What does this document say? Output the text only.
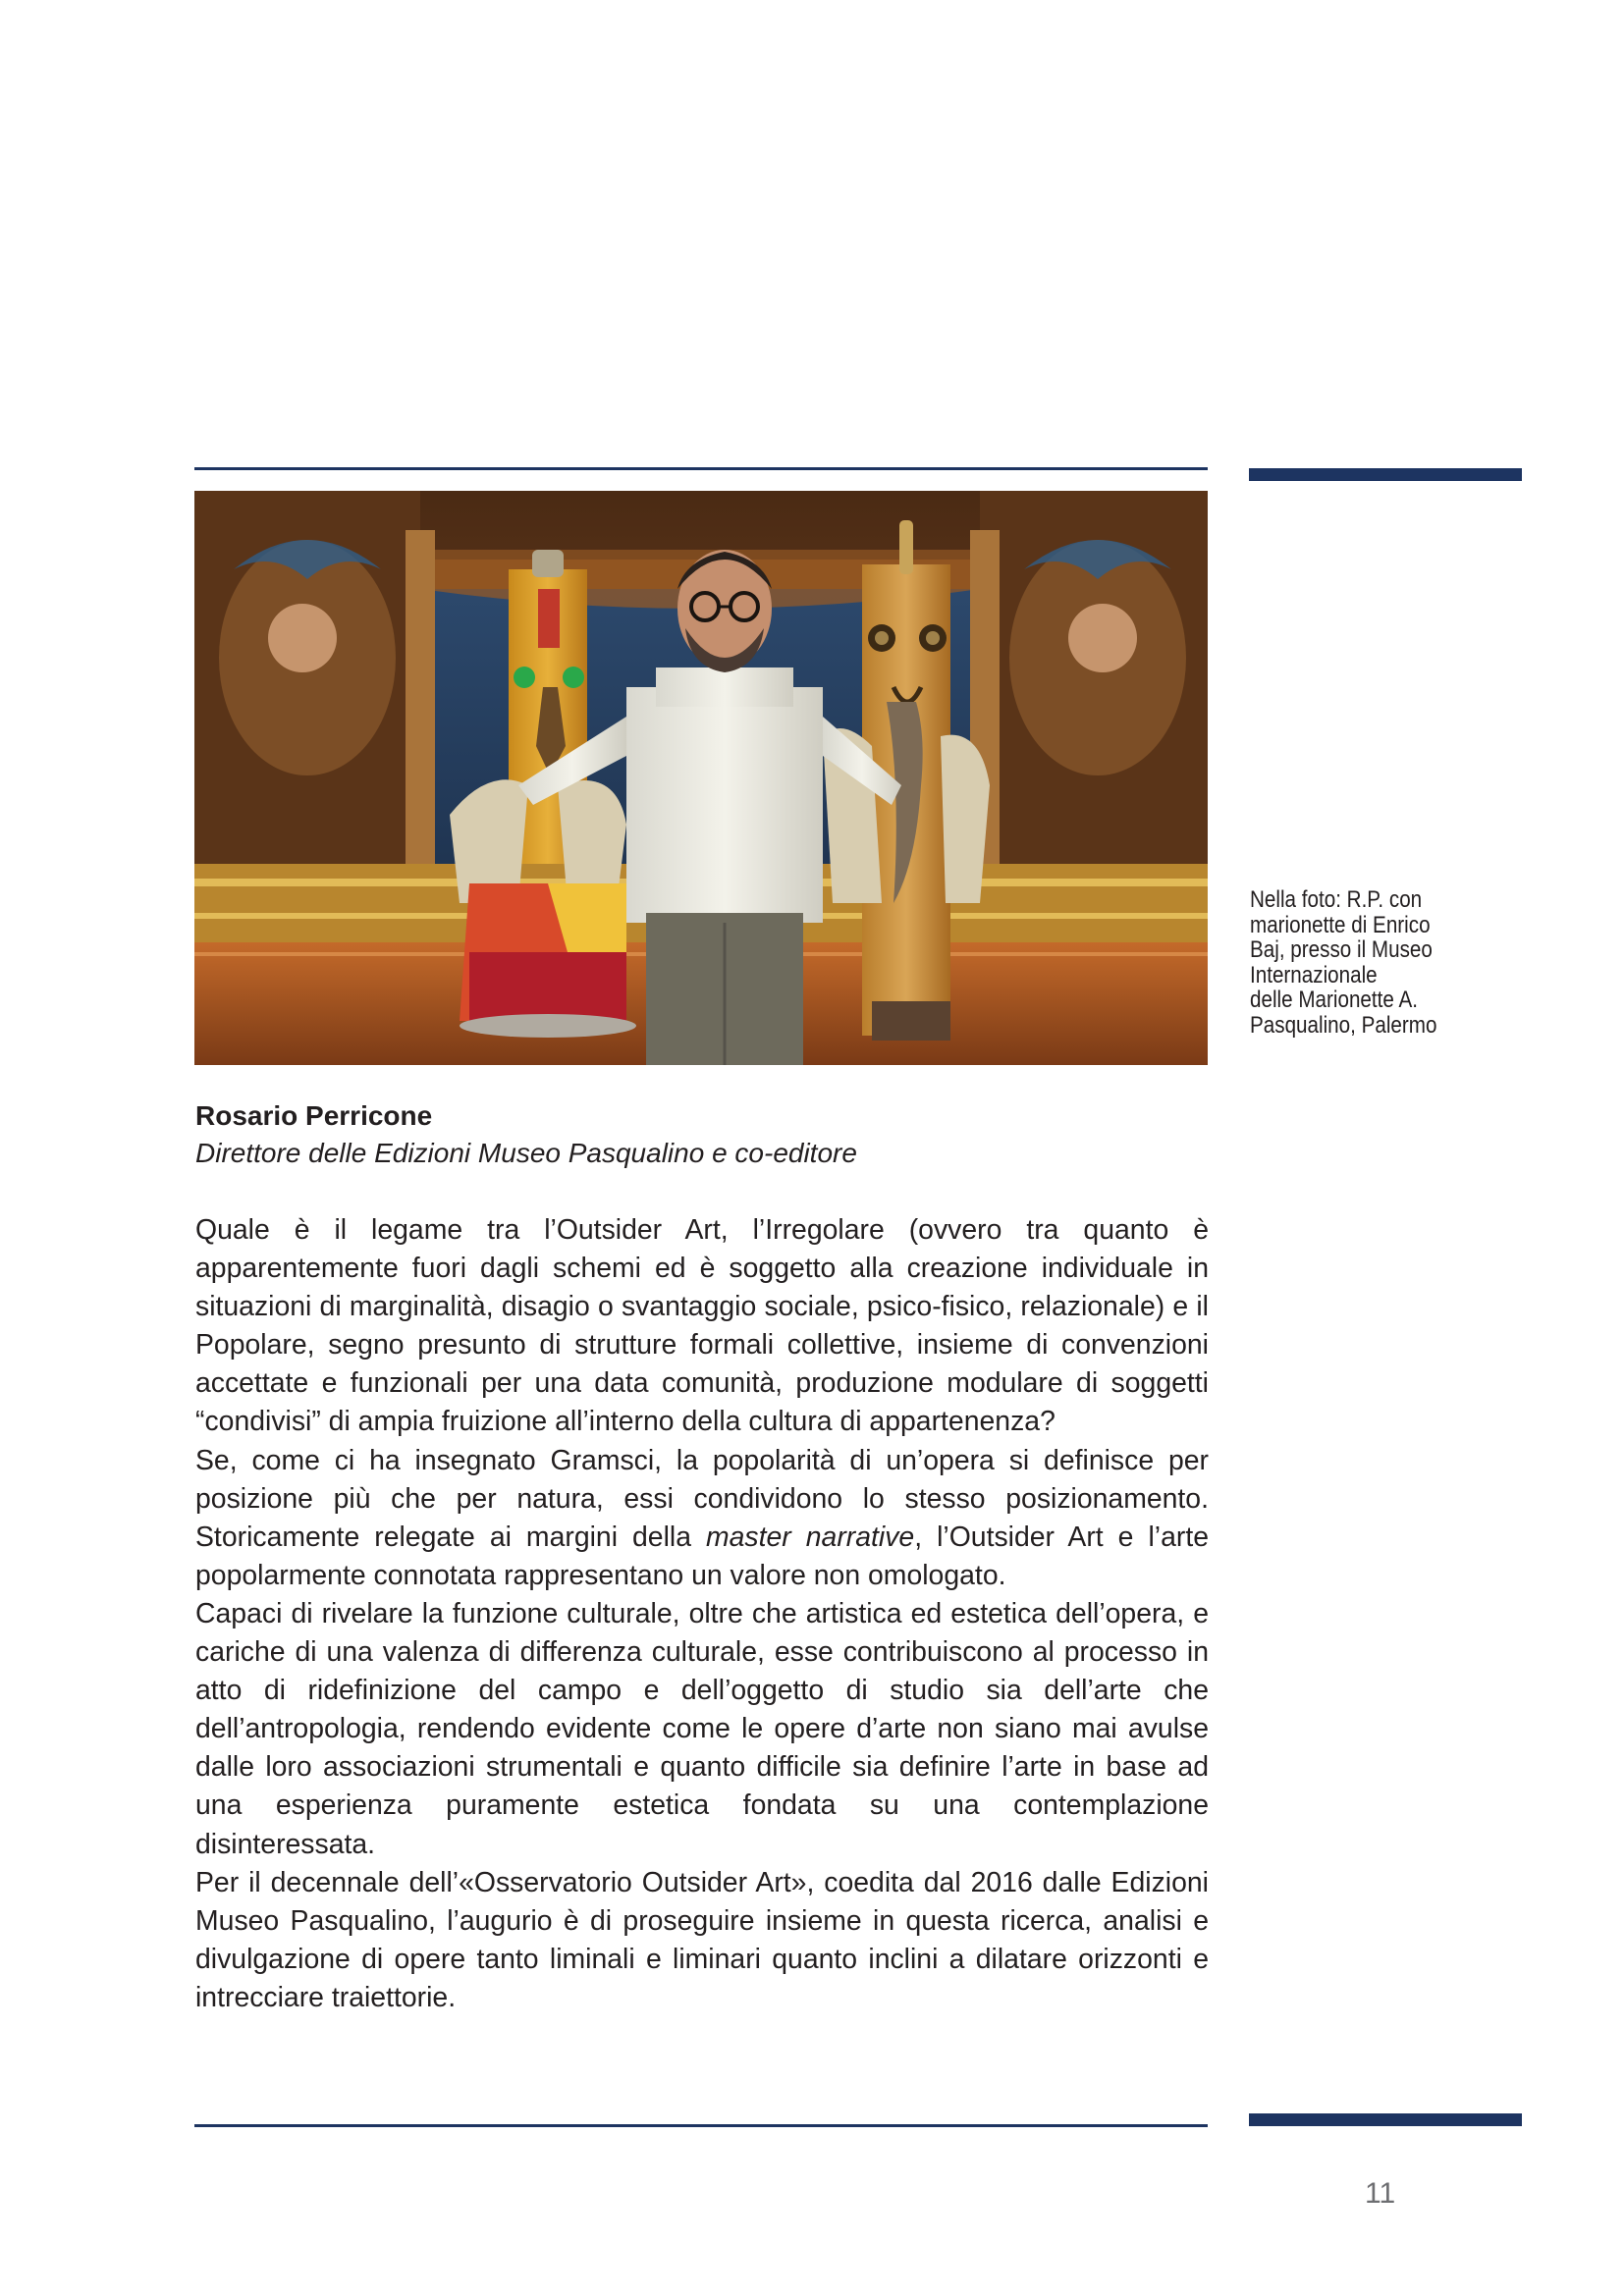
Nella foto: R.P. con
marionette di Enrico
Baj, presso il Museo
Internazionale
delle Marionette A.
Pasqualino, Palermo
Rosario Perricone
Direttore delle Edizioni Museo Pasqualino e co-editore

Quale è il legame tra l’Outsider Art, l’Irregolare (ovvero tra quanto è apparentemente fuori dagli schemi ed è soggetto alla creazione individuale in situazioni di marginalità, disagio o svantaggio sociale, psico-fisico, relazionale) e il Popolare, segno presunto di strutture formali collettive, insieme di convenzioni accettate e funzionali per una data comunità, produzione modulare di soggetti “condivisi” di ampia fruizione all’interno della cultura di appartenenza?

Se, come ci ha insegnato Gramsci, la popolarità di un’opera si definisce per posizione più che per natura, essi condividono lo stesso posizionamento. Storicamente relegate ai margini della master narrative, l’Outsider Art e l’arte popolarmente connotata rappresentano un valore non omologato.

Capaci di rivelare la funzione culturale, oltre che artistica ed estetica dell’opera, e cariche di una valenza di differenza culturale, esse contribuiscono al processo in atto di ridefinizione del campo e dell’oggetto di studio sia dell’arte che dell’antropologia, rendendo evidente come le opere d’arte non siano mai avulse dalle loro associazioni strumentali e quanto difficile sia definire l’arte in base ad una esperienza puramente estetica fondata su una contemplazione disinteressata.

Per il decennale dell’«Osservatorio Outsider Art», coedita dal 2016 dalle Edizioni Museo Pasqualino, l’augurio è di proseguire insieme in questa ricerca, analisi e divulgazione di opere tanto liminali e liminari quanto inclini a dilatare orizzonti e intrecciare traiettorie.

11
